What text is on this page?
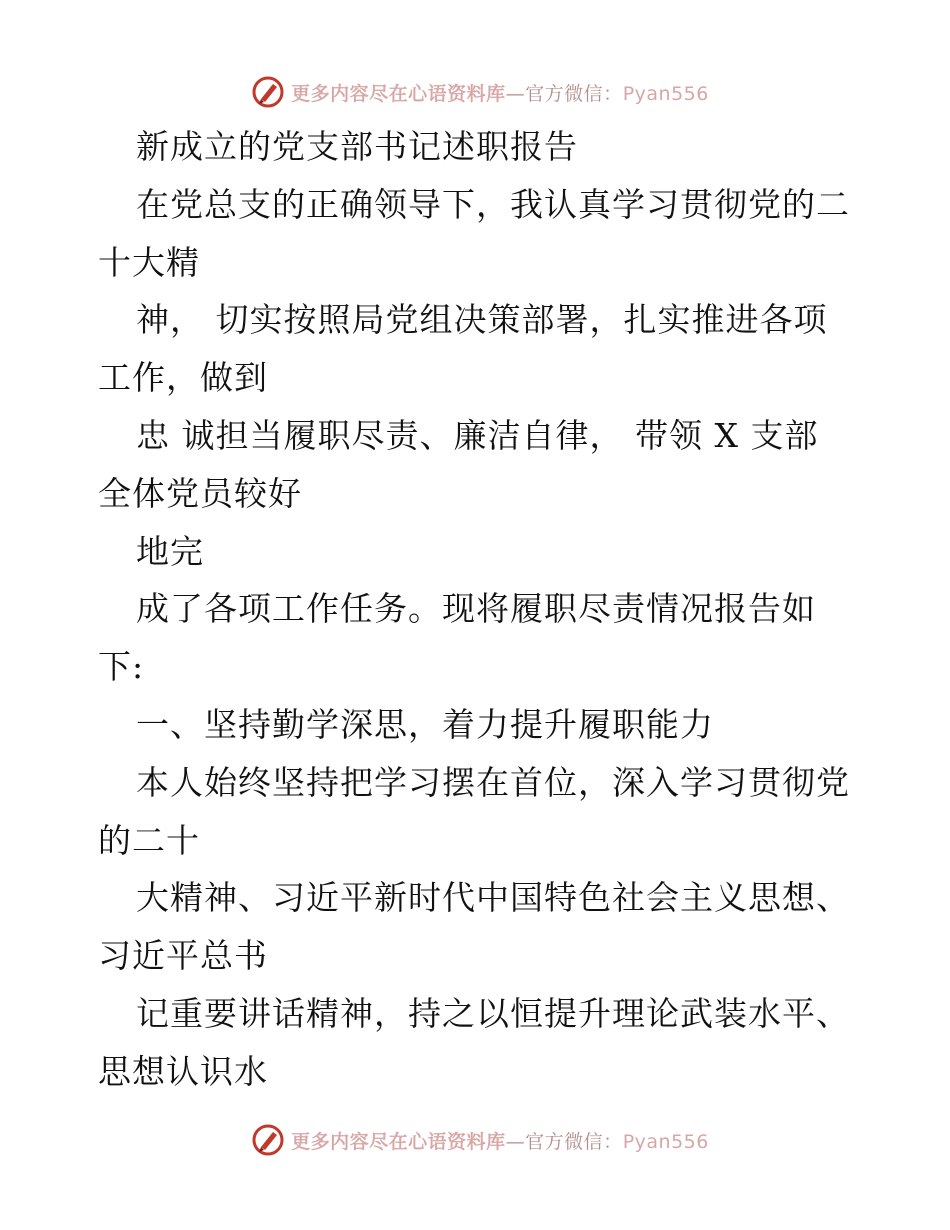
更多内容尽在心语资料库—官方微信：Pyan556
新成立的党支部书记述职报告
在党总支的正确领导下，我认真学习贯彻党的二
十大精
神， 切实按照局党组决策部署，扎实推进各项
工作，做到
忠 诚担当履职尽责、廉洁自律， 带领 X 支部
全体党员较好
地完
成了各项工作任务。现将履职尽责情况报告如
下:
一、坚持勤学深思，着力提升履职能力
本人始终坚持把学习摆在首位，深入学习贯彻党
的二十
大精神、习近平新时代中国特色社会主义思想、
习近平总书
记重要讲话精神，持之以恒提升理论武装水平、
思想认识水
更多内容尽在心语资料库—官方微信：Pyan556
